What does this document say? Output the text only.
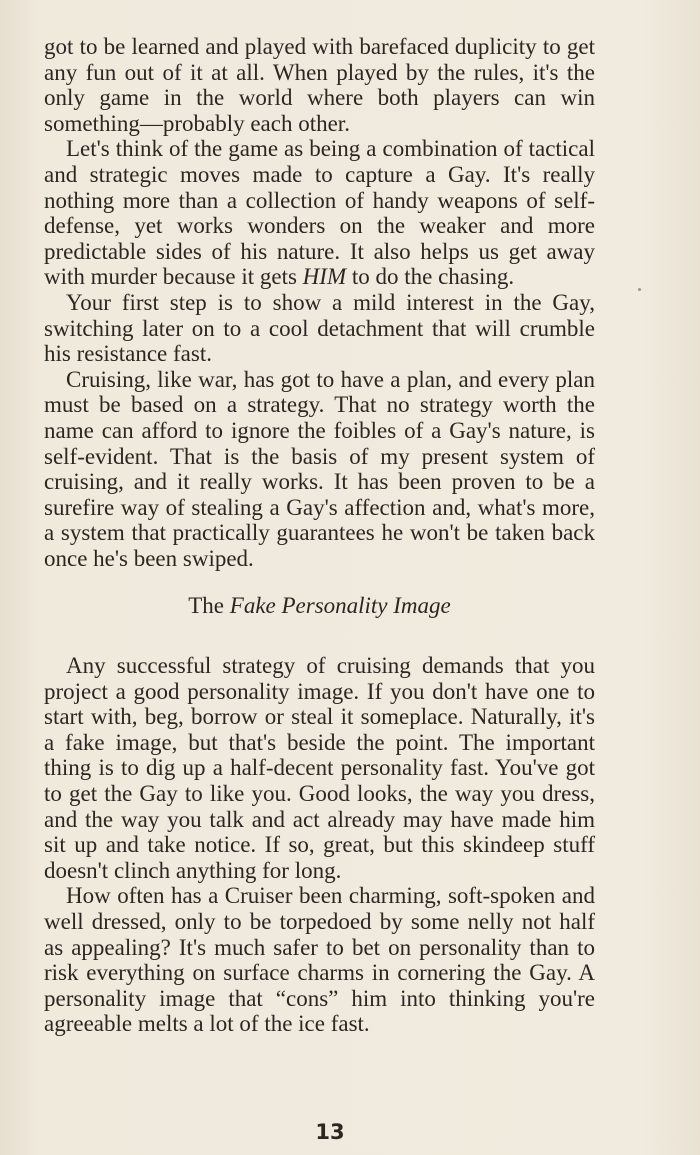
got to be learned and played with barefaced duplicity to get any fun out of it at all. When played by the rules, it's the only game in the world where both players can win something—probably each other.

Let's think of the game as being a combination of tactical and strategic moves made to capture a Gay. It's really nothing more than a collection of handy weapons of self-defense, yet works wonders on the weaker and more predictable sides of his nature. It also helps us get away with murder because it gets HIM to do the chasing.

Your first step is to show a mild interest in the Gay, switching later on to a cool detachment that will crumble his resistance fast.

Cruising, like war, has got to have a plan, and every plan must be based on a strategy. That no strategy worth the name can afford to ignore the foibles of a Gay's nature, is self-evident. That is the basis of my present system of cruising, and it really works. It has been proven to be a surefire way of stealing a Gay's affection and, what's more, a system that practically guarantees he won't be taken back once he's been swiped.

The Fake Personality Image

Any successful strategy of cruising demands that you project a good personality image. If you don't have one to start with, beg, borrow or steal it someplace. Naturally, it's a fake image, but that's beside the point. The important thing is to dig up a half-decent personality fast. You've got to get the Gay to like you. Good looks, the way you dress, and the way you talk and act already may have made him sit up and take notice. If so, great, but this skindeep stuff doesn't clinch anything for long.

How often has a Cruiser been charming, soft-spoken and well dressed, only to be torpedoed by some nelly not half as appealing? It's much safer to bet on personality than to risk everything on surface charms in cornering the Gay. A personality image that “cons” him into thinking you're agreeable melts a lot of the ice fast.

13
